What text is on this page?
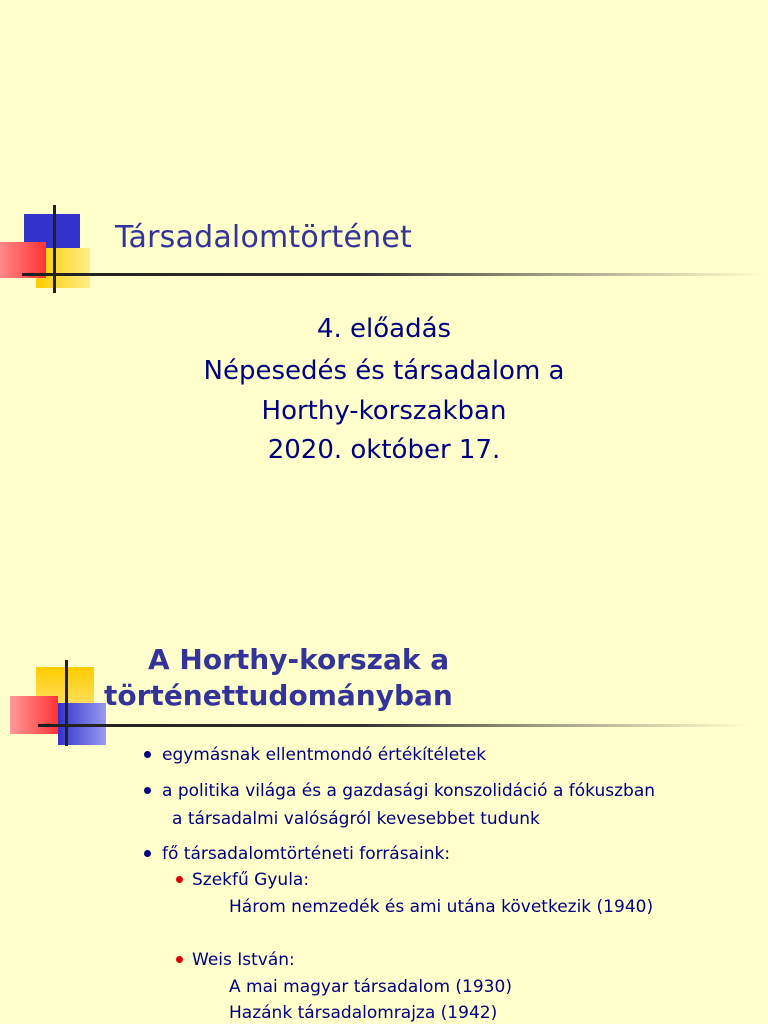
Társadalomtörténet
4. előadás
Népesedés és társadalom a
Horthy-korszakban
2020. október 17.
A Horthy-korszak a
történettudományban
egymásnak ellentmondó értékítéletek
a politika világa és a gazdasági konszolidáció a fókuszban
a társadalmi valóságról kevesebbet tudunk
fő társadalomtörténeti forrásaink:
Szekfű Gyula:
Három nemzedék és ami utána következik (1940)
Weis István:
A mai magyar társadalom (1930)
Hazánk társadalomrajza (1942)
